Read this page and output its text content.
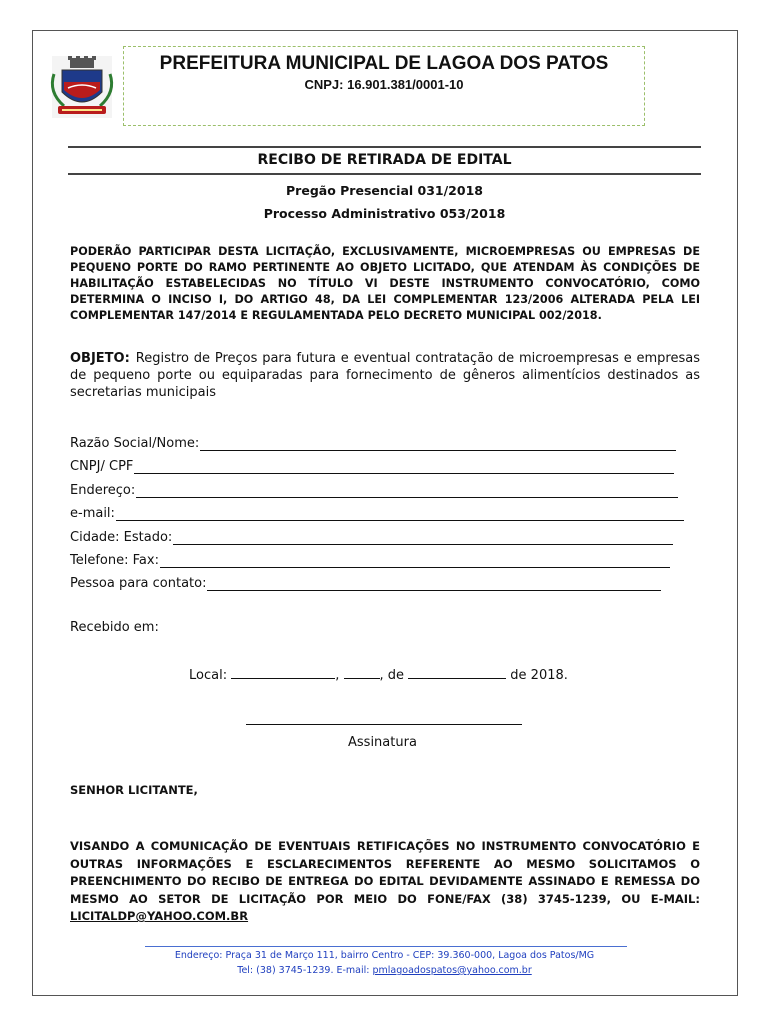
PREFEITURA MUNICIPAL DE LAGOA DOS PATOS
CNPJ: 16.901.381/0001-10
RECIBO DE RETIRADA DE EDITAL
Pregão Presencial 031/2018
Processo Administrativo 053/2018
PODERÃO PARTICIPAR DESTA LICITAÇÃO, EXCLUSIVAMENTE, MICROEMPRESAS OU EMPRESAS DE PEQUENO PORTE DO RAMO PERTINENTE AO OBJETO LICITADO, QUE ATENDAM ÀS CONDIÇÕES DE HABILITAÇÃO ESTABELECIDAS NO TÍTULO VI DESTE INSTRUMENTO CONVOCATÓRIO, COMO DETERMINA O INCISO I, DO ARTIGO 48, DA LEI COMPLEMENTAR 123/2006 ALTERADA PELA LEI COMPLEMENTAR 147/2014 E REGULAMENTADA PELO DECRETO MUNICIPAL 002/2018.
OBJETO: Registro de Preços para futura e eventual contratação de microempresas e empresas de pequeno porte ou equiparadas para fornecimento de gêneros alimentícios destinados as secretarias municipais
Razão Social/Nome:
CNPJ/ CPF
Endereço:
e-mail:
Cidade: Estado:
Telefone: Fax:
Pessoa para contato:
Recebido em:
Local:	,	, de	de 2018.
Assinatura
SENHOR LICITANTE,
VISANDO A COMUNICAÇÃO DE EVENTUAIS RETIFICAÇÕES NO INSTRUMENTO CONVOCATÓRIO E OUTRAS INFORMAÇÕES E ESCLARECIMENTOS REFERENTE AO MESMO SOLICITAMOS O PREENCHIMENTO DO RECIBO DE ENTREGA DO EDITAL DEVIDAMENTE ASSINADO E REMESSA DO MESMO AO SETOR DE LICITAÇÃO POR MEIO DO FONE/FAX (38) 3745-1239, OU E-MAIL: LICITALDP@YAHOO.COM.BR
Endereço: Praça 31 de Março 111, bairro Centro - CEP: 39.360-000, Lagoa dos Patos/MG
Tel: (38) 3745-1239. E-mail: pmlagoadospatos@yahoo.com.br
